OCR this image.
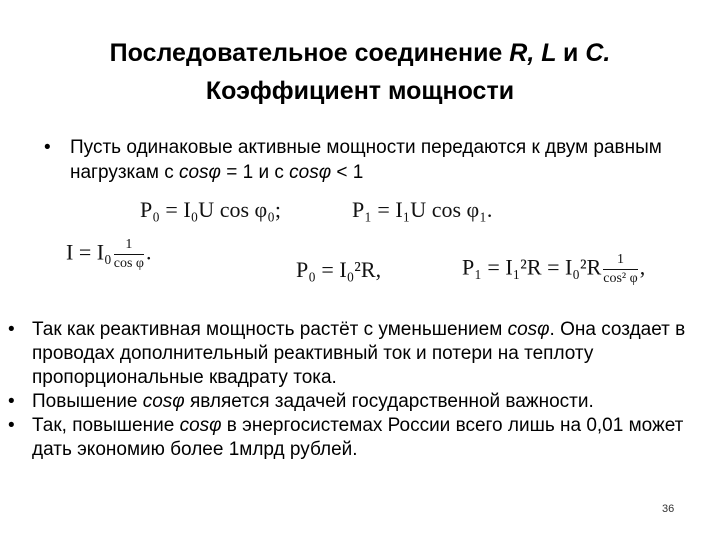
Последовательное соединение R, L и C.
Коэффициент мощности
• Пусть одинаковые активные мощности передаются к двум равным нагрузкам с cosφ = 1 и с cosφ < 1
P₀ = I₀U cos φ₀;	P₁ = I₁U cos φ₁.
$I = I_0 \frac{1}{\text{cos φ}}$ .
P₀ = I₀²R,	$P_1 = I_1^2R = I_0^2R \frac{1}{\text{cos² φ}}$ ,
• Так как реактивная мощность растёт с уменьшением cosφ. Она создает в проводах дополнительный реактивный ток и потери на теплоту пропорциональные квадрату тока.
• Повышение cosφ является задачей государственной важности.
• Так, повышение cosφ в энергосистемах России всего лишь на 0,01 может дать экономию более 1млрд рублей.
36
